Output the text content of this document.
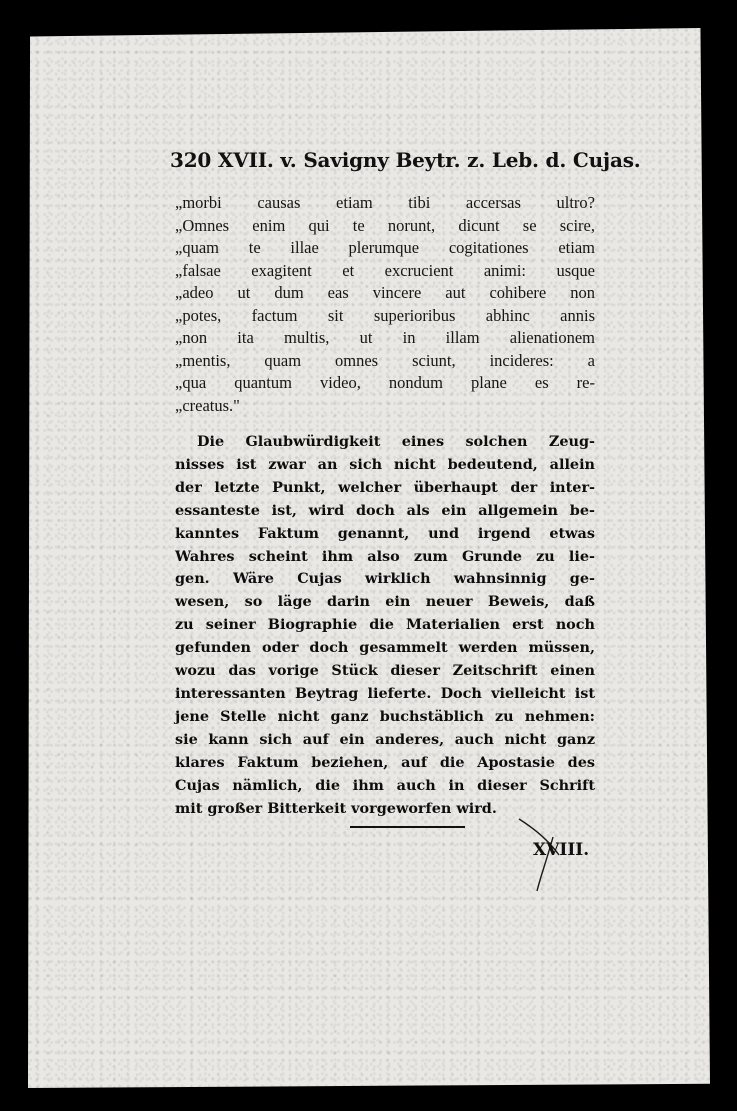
320 XVII. v. Savigny Beytr. z. Leb. d. Cujas.
„morbi causas etiam tibi accersas ultro?
„Omnes enim qui te norunt, dicunt se scire,
„quam te illae plerumque cogitationes etiam
„falsae exagitent et excrucient animi: usque
„adeo ut dum eas vincere aut cohibere non
„potes, factum sit superioribus abhinc annis
„non ita multis, ut in illam alienationem
„mentis, quam omnes sciunt, incideres: a
„qua quantum video, nondum plane es re-
„creatus."
Die Glaubwürdigkeit eines solchen Zeug-
nisses ist zwar an sich nicht bedeutend, allein
der letzte Punkt, welcher überhaupt der inter-
essanteste ist, wird doch als ein allgemein be-
kanntes Faktum genannt, und irgend etwas
Wahres scheint ihm also zum Grunde zu lie-
gen. Wäre Cujas wirklich wahnsinnig ge-
wesen, so läge darin ein neuer Beweis, daß
zu seiner Biographie die Materialien erst noch
gefunden oder doch gesammelt werden müssen,
wozu das vorige Stück dieser Zeitschrift einen
interessanten Beytrag lieferte. Doch vielleicht ist
jene Stelle nicht ganz buchstäblich zu nehmen:
sie kann sich auf ein anderes, auch nicht ganz
klares Faktum beziehen, auf die Apostasie des
Cujas nämlich, die ihm auch in dieser Schrift
mit großer Bitterkeit vorgeworfen wird.
XVIII.
